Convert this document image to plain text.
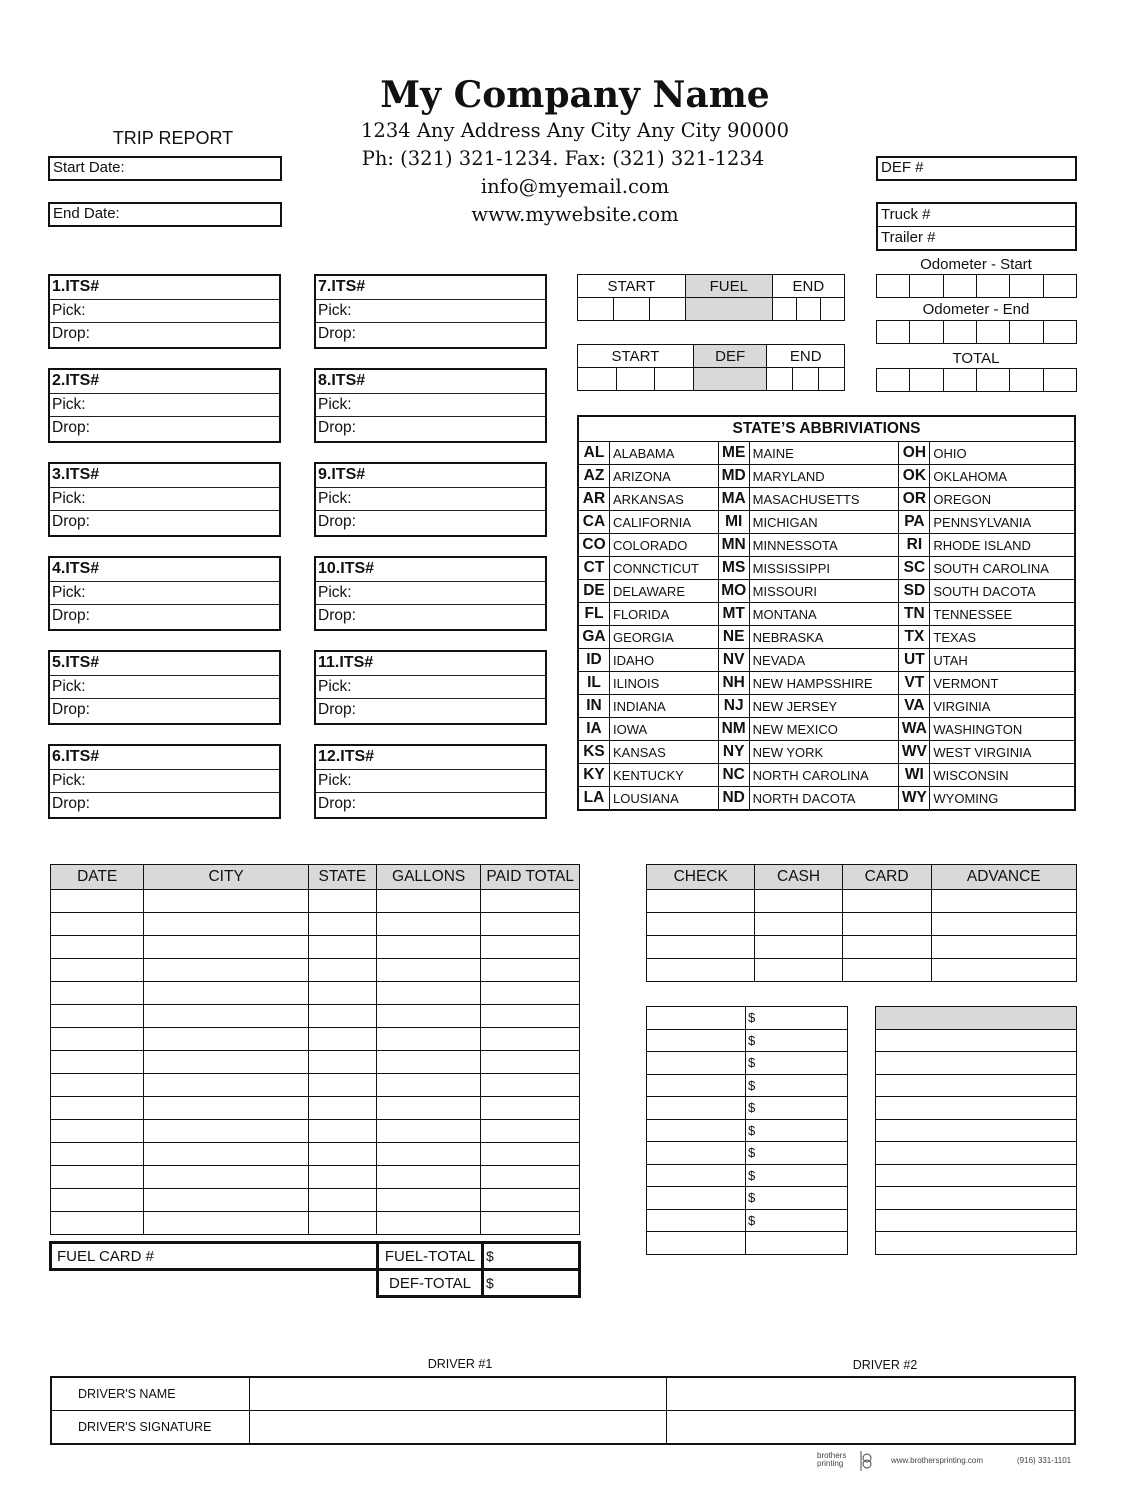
My Company Name
1234 Any Address Any City Any City 90000
Ph: (321) 321-1234. Fax: (321) 321-1234
info@myemail.com
www.mywebsite.com
TRIP REPORT
Start Date:
End Date:
DEF #
Truck #
Trailer #
1.ITS#
Pick:
Drop:
2.ITS#
Pick:
Drop:
3.ITS#
Pick:
Drop:
4.ITS#
Pick:
Drop:
5.ITS#
Pick:
Drop:
6.ITS#
Pick:
Drop:
7.ITS#
Pick:
Drop:
8.ITS#
Pick:
Drop:
9.ITS#
Pick:
Drop:
10.ITS#
Pick:
Drop:
11.ITS#
Pick:
Drop:
12.ITS#
Pick:
Drop:
START			FUEL	END		

START			DEF	END		

Odometer - Start

Odometer - End

TOTAL

STATE’S ABBRIVIATIONS					
AL	ALABAMA	ME	MAINE	OH	OHIO
AZ	ARIZONA	MD	MARYLAND	OK	OKLAHOMA
AR	ARKANSAS	MA	MASACHUSETTS	OR	OREGON
CA	CALIFORNIA	MI	MICHIGAN	PA	PENNSYLVANIA
CO	COLORADO	MN	MINNESSOTA	RI	RHODE ISLAND
CT	CONNCTICUT	MS	MISSISSIPPI	SC	SOUTH CAROLINA
DE	DELAWARE	MO	MISSOURI	SD	SOUTH DACOTA
FL	FLORIDA	MT	MONTANA	TN	TENNESSEE
GA	GEORGIA	NE	NEBRASKA	TX	TEXAS
ID	IDAHO	NV	NEVADA	UT	UTAH
IL	ILINOIS	NH	NEW HAMPSSHIRE	VT	VERMONT
IN	INDIANA	NJ	NEW JERSEY	VA	VIRGINIA
IA	IOWA	NM	NEW MEXICO	WA	WASHINGTON
KS	KANSAS	NY	NEW YORK	WV	WEST VIRGINIA
KY	KENTUCKY	NC	NORTH CAROLINA	WI	WISCONSIN
LA	LOUSIANA	ND	NORTH DACOTA	WY	WYOMING
DATE	CITY	STATE	GALLONS	PAID TOTAL

FUEL CARD #	FUEL-TOTAL	$
	DEF-TOTAL	$
CHECK	CASH	CARD	ADVANCE

	$
	$
	$
	$
	$
	$
	$
	$
	$
	$

DRIVER #1	DRIVER #2
DRIVER'S NAME		
DRIVER'S SIGNATURE		
brothers
printing	www.brothersprinting.com	(916) 331-1101
